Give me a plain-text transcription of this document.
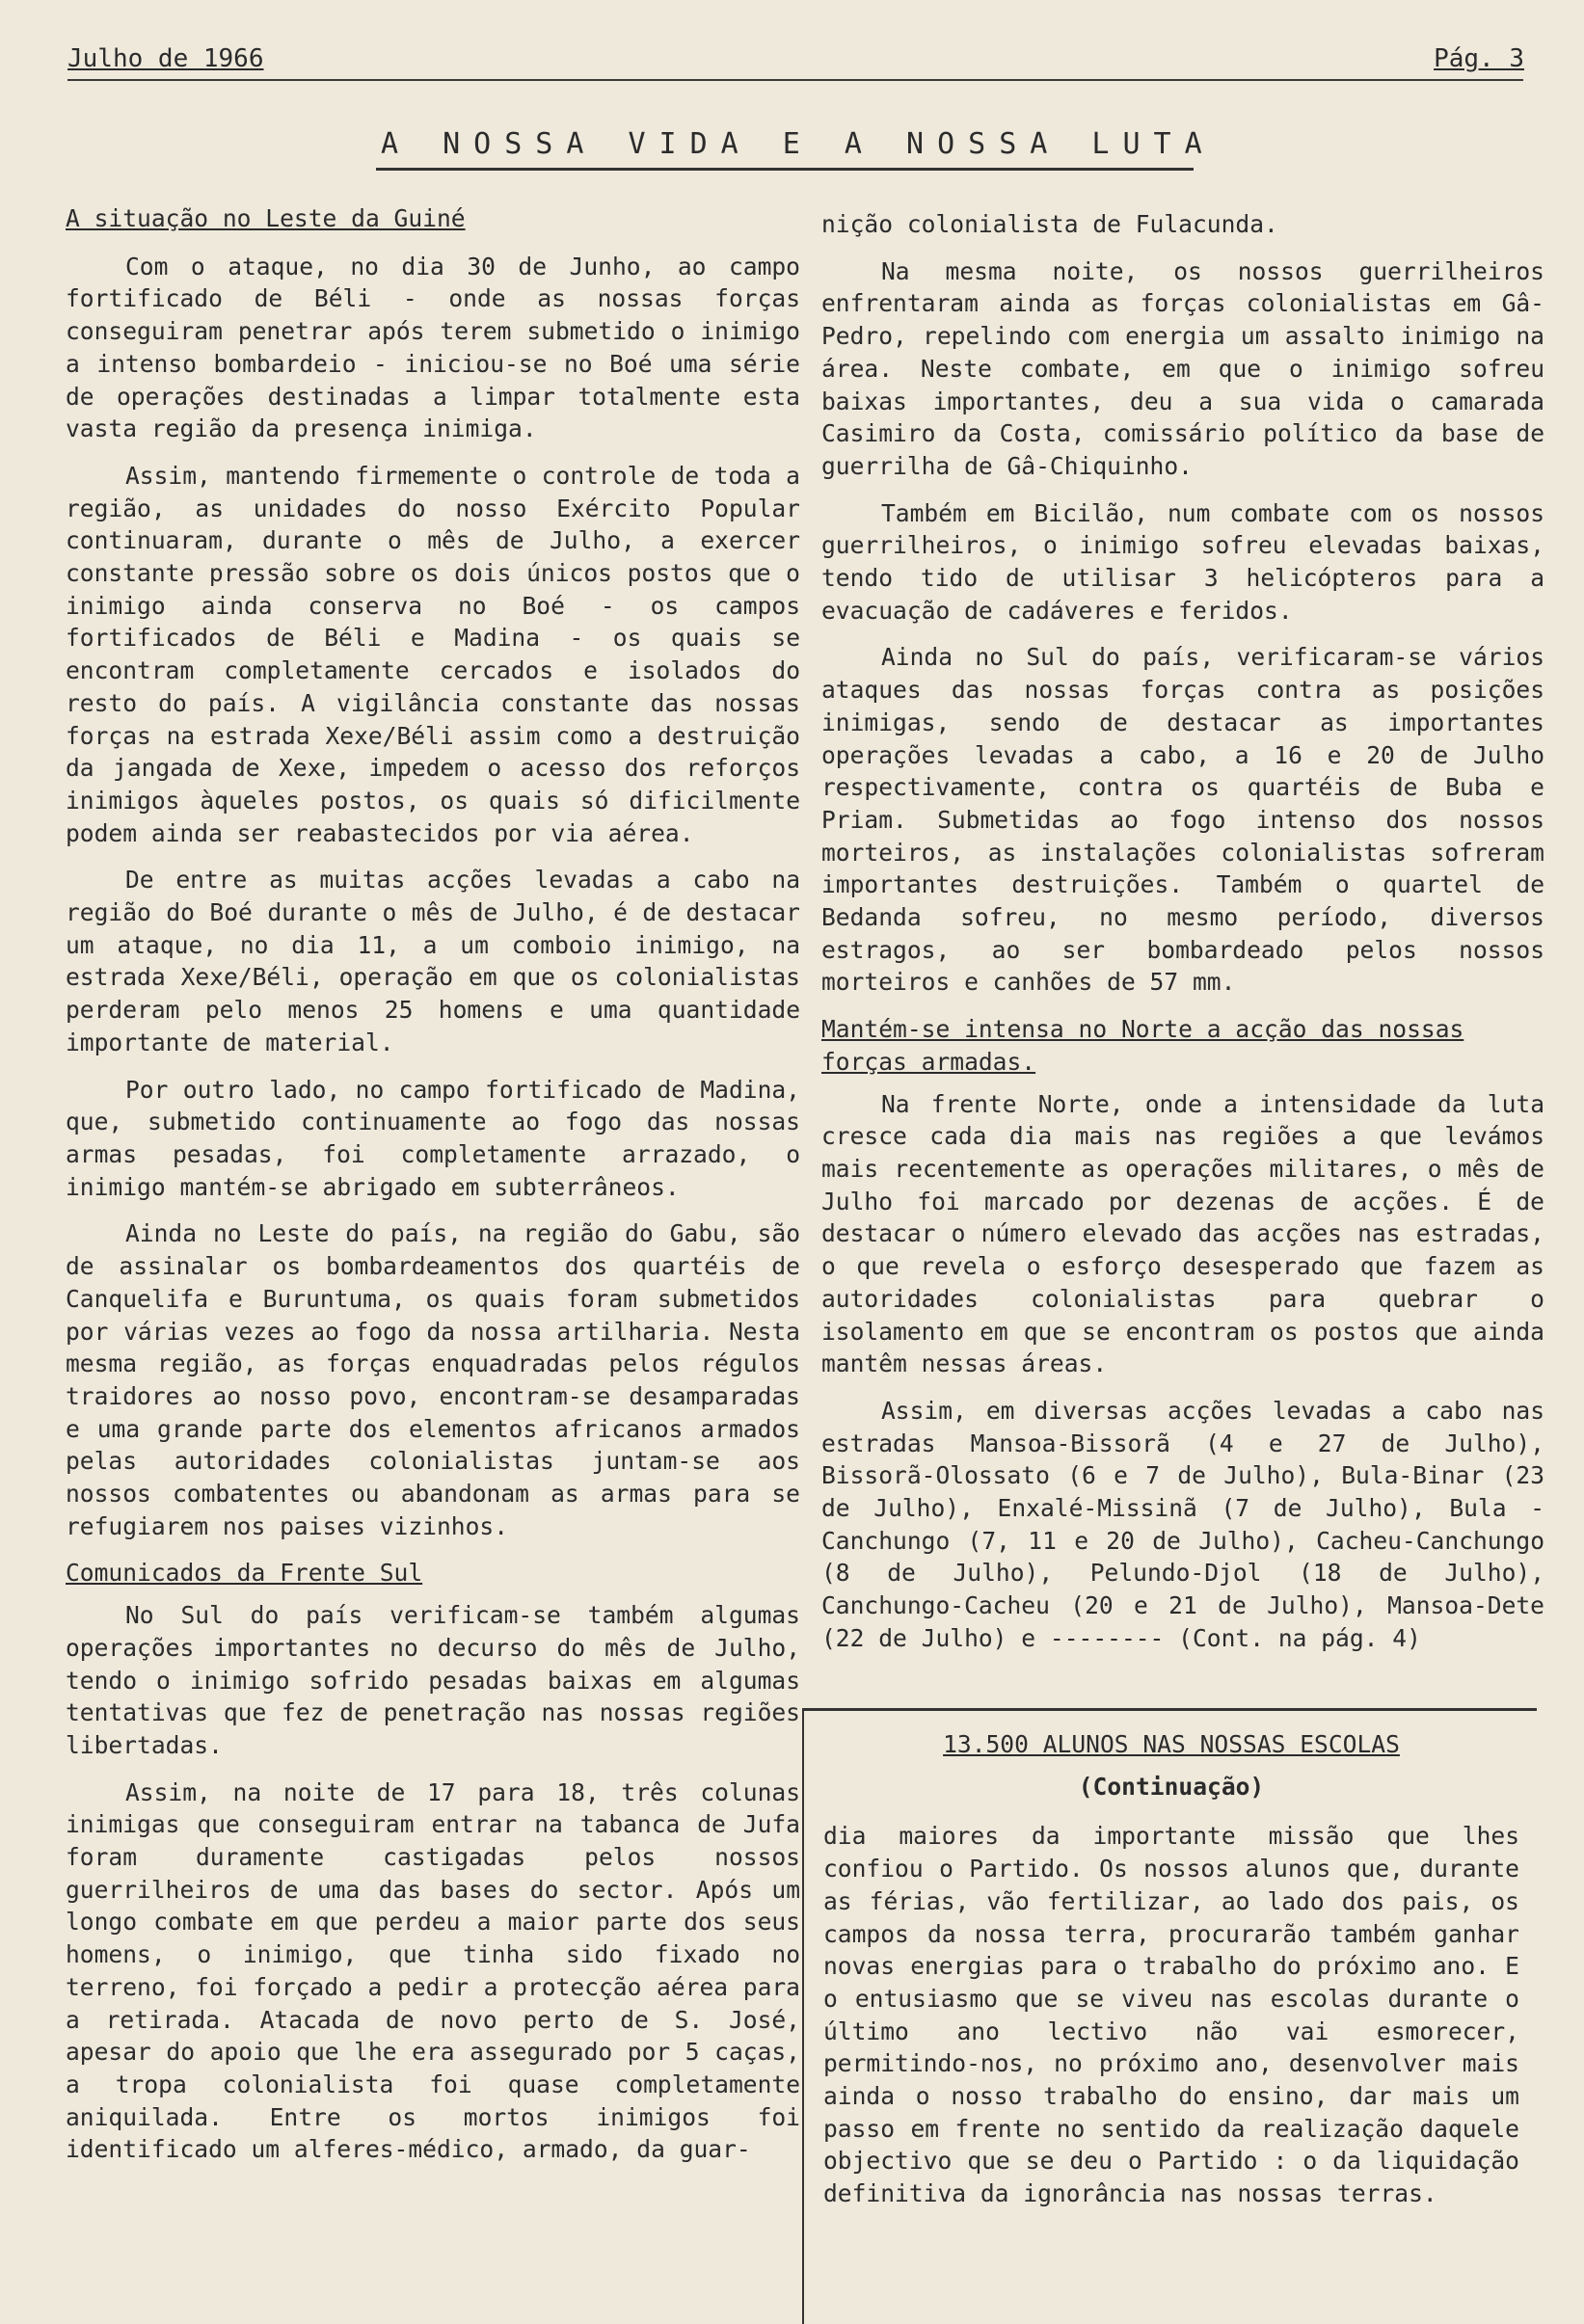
Julho de 1966	Pág. 3
A NOSSA VIDA E A NOSSA LUTA
A situação no Leste da Guiné

Com o ataque, no dia 30 de Junho, ao campo fortificado de Béli - onde as nossas forças conseguiram penetrar após terem submetido o inimigo a intenso bombardeio - iniciou-se no Boé uma série de operações destinadas a limpar totalmente esta vasta região da presença inimiga.

Assim, mantendo firmemente o controle de toda a região, as unidades do nosso Exército Popular continuaram, durante o mês de Julho, a exercer constante pressão sobre os dois únicos postos que o inimigo ainda conserva no Boé - os campos fortificados de Béli e Madina - os quais se encontram completamente cercados e isolados do resto do país. A vigilância constante das nossas forças na estrada Xexe/Béli assim como a destruição da jangada de Xexe, impedem o acesso dos reforços inimigos àqueles postos, os quais só dificilmente podem ainda ser reabastecidos por via aérea.

De entre as muitas acções levadas a cabo na região do Boé durante o mês de Julho, é de destacar um ataque, no dia 11, a um comboio inimigo, na estrada Xexe/Béli, operação em que os colonialistas perderam pelo menos 25 homens e uma quantidade importante de material.

Por outro lado, no campo fortificado de Madina, que, submetido continuamente ao fogo das nossas armas pesadas, foi completamente arrazado, o inimigo mantém-se abrigado em subterrâneos.

Ainda no Leste do país, na região do Gabu, são de assinalar os bombardeamentos dos quartéis de Canquelifa e Buruntuma, os quais foram submetidos por várias vezes ao fogo da nossa artilharia. Nesta mesma região, as forças enquadradas pelos régulos traidores ao nosso povo, encontram-se desamparadas e uma grande parte dos elementos africanos armados pelas autoridades colonialistas juntam-se aos nossos combatentes ou abandonam as armas para se refugiarem nos paises vizinhos.

Comunicados da Frente Sul

No Sul do país verificam-se também algumas operações importantes no decurso do mês de Julho, tendo o inimigo sofrido pesadas baixas em algumas tentativas que fez de penetração nas nossas regiões libertadas.

Assim, na noite de 17 para 18, três colunas inimigas que conseguiram entrar na tabanca de Jufa foram duramente castigadas pelos nossos guerrilheiros de uma das bases do sector. Após um longo combate em que perdeu a maior parte dos seus homens, o inimigo, que tinha sido fixado no terreno, foi forçado a pedir a protecção aérea para a retirada. Atacada de novo perto de S. José, apesar do apoio que lhe era assegurado por 5 caças, a tropa colonialista foi quase completamente aniquilada. Entre os mortos inimigos foi identificado um alferes-médico, armado, da guar-

nição colonialista de Fulacunda.

Na mesma noite, os nossos guerrilheiros enfrentaram ainda as forças colonialistas em Gâ-Pedro, repelindo com energia um assalto inimigo na área. Neste combate, em que o inimigo sofreu baixas importantes, deu a sua vida o camarada Casimiro da Costa, comissário político da base de guerrilha de Gâ-Chiquinho.

Também em Bicilão, num combate com os nossos guerrilheiros, o inimigo sofreu elevadas baixas, tendo tido de utilisar 3 helicópteros para a evacuação de cadáveres e feridos.

Ainda no Sul do país, verificaram-se vários ataques das nossas forças contra as posições inimigas, sendo de destacar as importantes operações levadas a cabo, a 16 e 20 de Julho respectivamente, contra os quartéis de Buba e Priam. Submetidas ao fogo intenso dos nossos morteiros, as instalações colonialistas sofreram importantes destruições. Também o quartel de Bedanda sofreu, no mesmo período, diversos estragos, ao ser bombardeado pelos nossos morteiros e canhões de 57 mm.

Mantém-se intensa no Norte a acção das nossas forças armadas.

Na frente Norte, onde a intensidade da luta cresce cada dia mais nas regiões a que levámos mais recentemente as operações militares, o mês de Julho foi marcado por dezenas de acções. É de destacar o número elevado das acções nas estradas, o que revela o esforço desesperado que fazem as autoridades colonialistas para quebrar o isolamento em que se encontram os postos que ainda mantêm nessas áreas.

Assim, em diversas acções levadas a cabo nas estradas Mansoa-Bissorã (4 e 27 de Julho), Bissorã-Olossato (6 e 7 de Julho), Bula-Binar (23 de Julho), Enxalé-Missinã (7 de Julho), Bula - Canchungo (7, 11 e 20 de Julho), Cacheu-Canchungo (8 de Julho), Pelundo-Djol (18 de Julho), Canchungo-Cacheu (20 e 21 de Julho), Mansoa-Dete (22 de Julho) e -------- (Cont. na pág. 4)

13.500 ALUNOS NAS NOSSAS ESCOLAS

(Continuação)

dia maiores da importante missão que lhes confiou o Partido. Os nossos alunos que, durante as férias, vão fertilizar, ao lado dos pais, os campos da nossa terra, procurarão também ganhar novas energias para o trabalho do próximo ano. E o entusiasmo que se viveu nas escolas durante o último ano lectivo não vai esmorecer, permitindo-nos, no próximo ano, desenvolver mais ainda o nosso trabalho do ensino, dar mais um passo em frente no sentido da realização daquele objectivo que se deu o Partido : o da liquidação definitiva da ignorância nas nossas terras.
